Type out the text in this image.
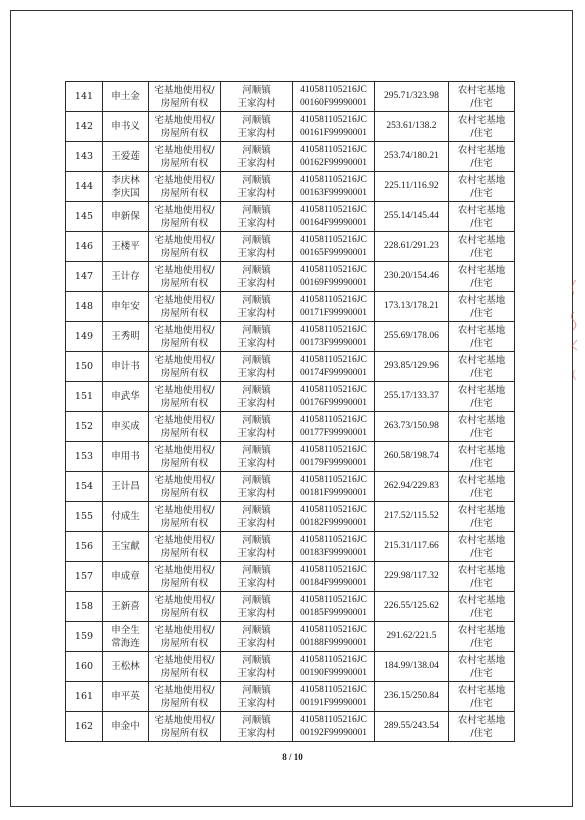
141	申土金	宅基地使用权/
房屋所有权	河顺镇
王家沟村	410581105216JC
00160F99990001	295.71/323.98	农村宅基地
/住宅

142	申书义	宅基地使用权/
房屋所有权	河顺镇
王家沟村	410581105216JC
00161F99990001	253.61/138.2	农村宅基地
/住宅

143	王爱莲	宅基地使用权/
房屋所有权	河顺镇
王家沟村	410581105216JC
00162F99990001	253.74/180.21	农村宅基地
/住宅

144	李庆林
李庆国	宅基地使用权/
房屋所有权	河顺镇
王家沟村	410581105216JC
00163F99990001	225.11/116.92	农村宅基地
/住宅

145	申新保	宅基地使用权/
房屋所有权	河顺镇
王家沟村	410581105216JC
00164F99990001	255.14/145.44	农村宅基地
/住宅

146	王楼平	宅基地使用权/
房屋所有权	河顺镇
王家沟村	410581105216JC
00165F99990001	228.61/291.23	农村宅基地
/住宅

147	王计存	宅基地使用权/
房屋所有权	河顺镇
王家沟村	410581105216JC
00169F99990001	230.20/154.46	农村宅基地
/住宅

148	申年安	宅基地使用权/
房屋所有权	河顺镇
王家沟村	410581105216JC
00171F99990001	173.13/178.21	农村宅基地
/住宅

149	王秀明	宅基地使用权/
房屋所有权	河顺镇
王家沟村	410581105216JC
00173F99990001	255.69/178.06	农村宅基地
/住宅

150	申计书	宅基地使用权/
房屋所有权	河顺镇
王家沟村	410581105216JC
00174F99990001	293.85/129.96	农村宅基地
/住宅

151	申武华	宅基地使用权/
房屋所有权	河顺镇
王家沟村	410581105216JC
00176F99990001	255.17/133.37	农村宅基地
/住宅

152	申买成	宅基地使用权/
房屋所有权	河顺镇
王家沟村	410581105216JC
00177F99990001	263.73/150.98	农村宅基地
/住宅

153	申用书	宅基地使用权/
房屋所有权	河顺镇
王家沟村	410581105216JC
00179F99990001	260.58/198.74	农村宅基地
/住宅

154	王计昌	宅基地使用权/
房屋所有权	河顺镇
王家沟村	410581105216JC
00181F99990001	262.94/229.83	农村宅基地
/住宅

155	付成生	宅基地使用权/
房屋所有权	河顺镇
王家沟村	410581105216JC
00182F99990001	217.52/115.52	农村宅基地
/住宅

156	王宝献	宅基地使用权/
房屋所有权	河顺镇
王家沟村	410581105216JC
00183F99990001	215.31/117.66	农村宅基地
/住宅

157	申成章	宅基地使用权/
房屋所有权	河顺镇
王家沟村	410581105216JC
00184F99990001	229.98/117.32	农村宅基地
/住宅

158	王新喜	宅基地使用权/
房屋所有权	河顺镇
王家沟村	410581105216JC
00185F99990001	226.55/125.62	农村宅基地
/住宅

159	申全生
常海连	宅基地使用权/
房屋所有权	河顺镇
王家沟村	410581105216JC
00188F99990001	291.62/221.5	农村宅基地
/住宅

160	王松林	宅基地使用权/
房屋所有权	河顺镇
王家沟村	410581105216JC
00190F99990001	184.99/138.04	农村宅基地
/住宅

161	申平英	宅基地使用权/
房屋所有权	河顺镇
王家沟村	410581105216JC
00191F99990001	236.15/250.84	农村宅基地
/住宅

162	申金中	宅基地使用权/
房屋所有权	河顺镇
王家沟村	410581105216JC
00192F99990001	289.55/243.54	农村宅基地
/住宅
8 / 10
